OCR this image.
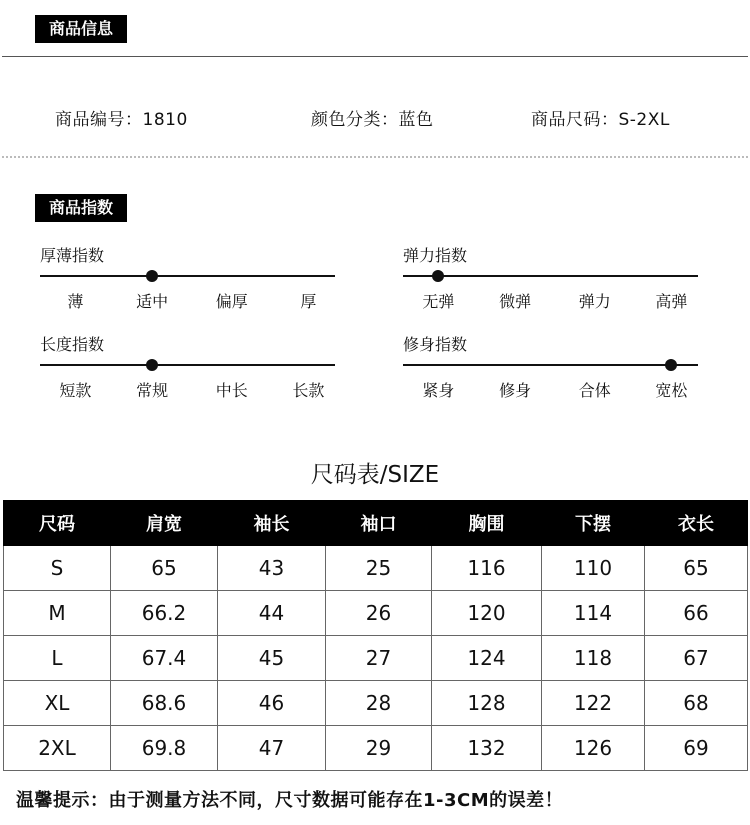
商品信息
商品编号：1810	颜色分类：蓝色	商品尺码：S-2XL
商品指数
厚薄指数
薄	适中	偏厚	厚
弹力指数
无弹	微弹	弹力	高弹
长度指数
短款	常规	中长	长款
修身指数
紧身	修身	合体	宽松
尺码表/SIZE
尺码	肩宽	袖长	袖口	胸围	下摆	衣长
S	65	43	25	116	110	65
M	66.2	44	26	120	114	66
L	67.4	45	27	124	118	67
XL	68.6	46	28	128	122	68
2XL	69.8	47	29	132	126	69
温馨提示：由于测量方法不同，尺寸数据可能存在1-3CM的误差！
